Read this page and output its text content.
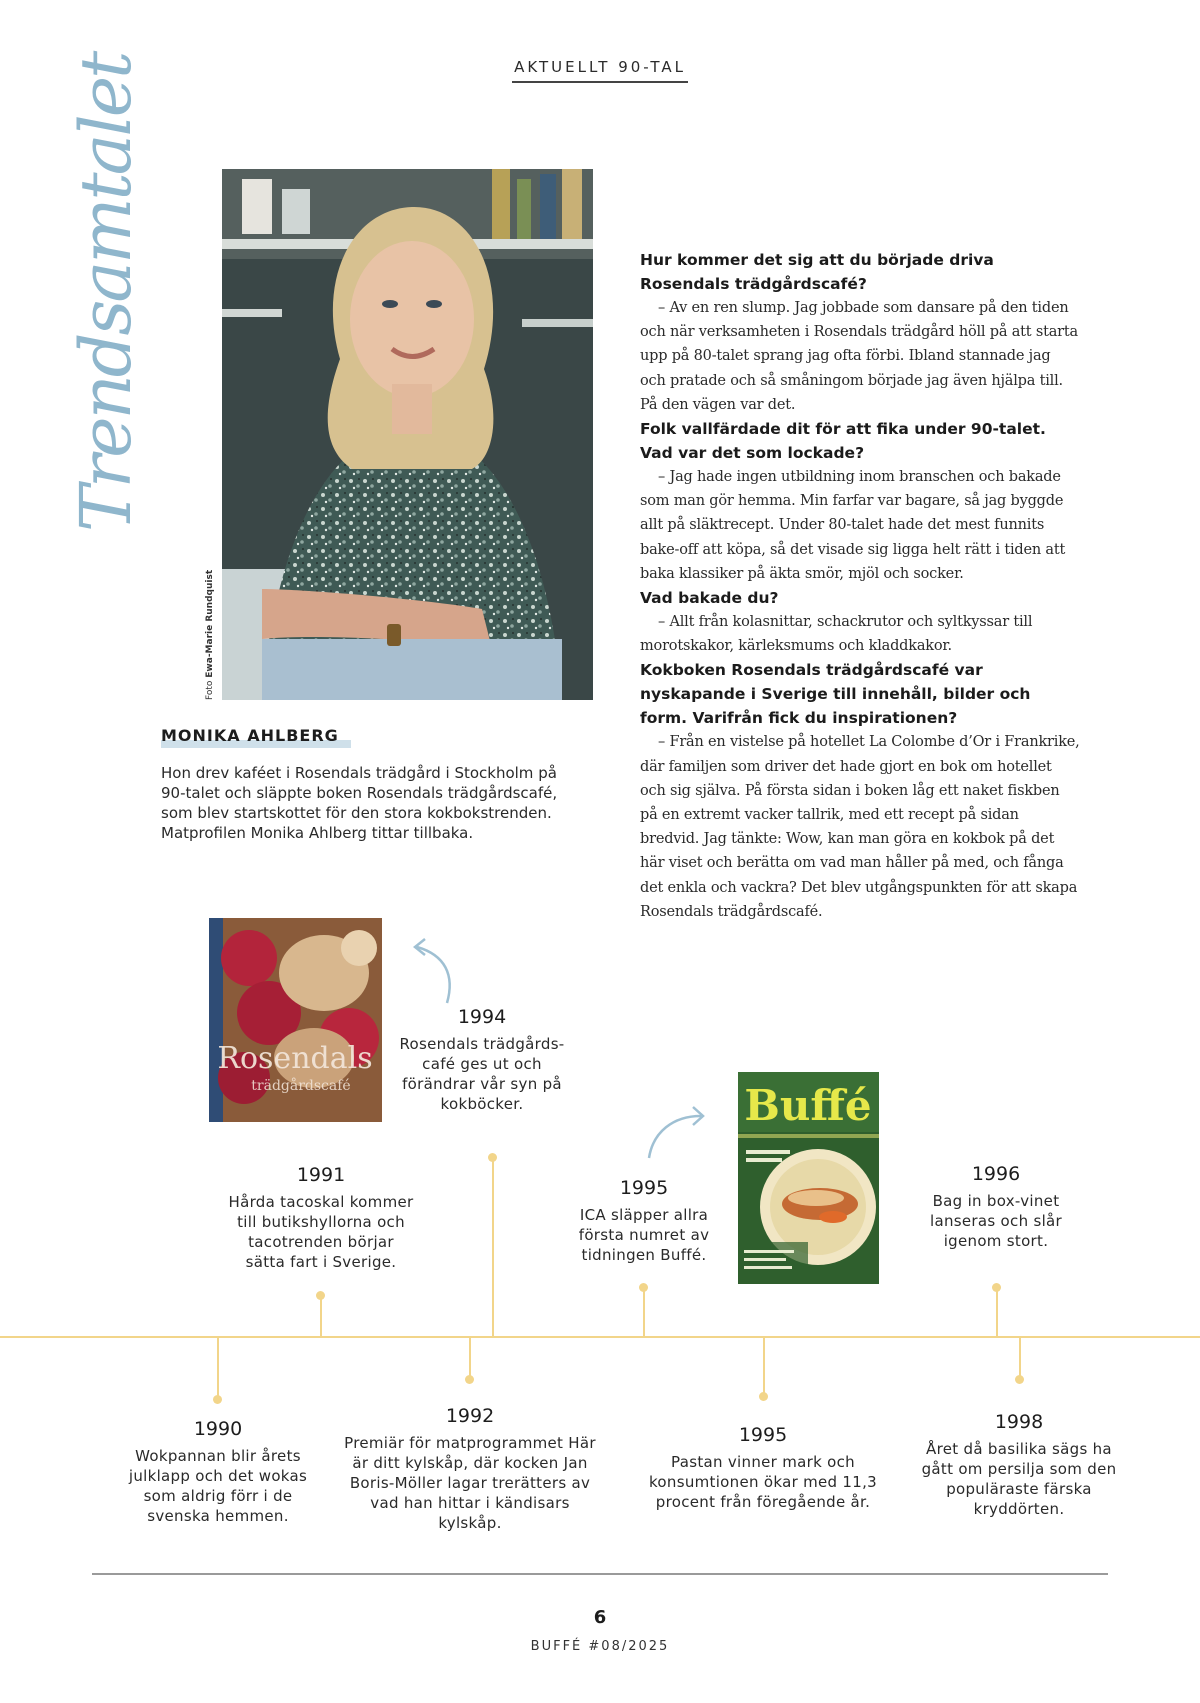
AKTUELLT 90-TAL
Trendsamtalet
Foto Ewa-Marie Rundquist
MONIKA AHLBERG
Hon drev kaféet i Rosendals trädgård i Stockholm på 90-talet och släppte boken Rosendals trädgårdscafé, som blev startskottet för den stora kokbokstrenden. Matprofilen Monika Ahlberg tittar tillbaka.

Hur kommer det sig att du började driva Rosendals trädgårdscafé?

– Av en ren slump. Jag jobbade som dansare på den tiden och när verksamheten i Rosendals trädgård höll på att starta upp på 80-talet sprang jag ofta förbi. Ibland stannade jag och pratade och så småningom började jag även hjälpa till. På den vägen var det.

Folk vallfärdade dit för att fika under 90-talet. Vad var det som lockade?

– Jag hade ingen utbildning inom branschen och bakade som man gör hemma. Min farfar var bagare, så jag byggde allt på släktrecept. Under 80-talet hade det mest funnits bake-off att köpa, så det visade sig ligga helt rätt i tiden att baka klassiker på äkta smör, mjöl och socker.

Vad bakade du?

– Allt från kolasnittar, schackrutor och syltkyssar till morotskakor, kärleksmums och kladdkakor.

Kokboken Rosendals trädgårdscafé var nyskapande i Sverige till innehåll, bilder och form. Varifrån fick du inspirationen?

– Från en vistelse på hotellet La Colombe d’Or i Frankrike, där familjen som driver det hade gjort en bok om hotellet och sig själva. På första sidan i boken låg ett naket fiskben på en extremt vacker tallrik, med ett recept på sidan bredvid. Jag tänkte: Wow, kan man göra en kokbok på det här viset och berätta om vad man håller på med, och fånga det enkla och vackra? Det blev utgångspunkten för att skapa Rosendals trädgårdscafé.

Rosendals
trädgårdscafé	Buffé
1994
Rosendals trädgårds-café ges ut och förändrar vår syn på kokböcker.
1991
Hårda tacoskal kommer till butikshyllorna och tacotrenden börjar sätta fart i Sverige.
1995
ICA släpper allra första numret av tidningen Buffé.
1996
Bag in box-vinet lanseras och slår igenom stort.
1990
Wokpannan blir årets julklapp och det wokas som aldrig förr i de svenska hemmen.
1992
Premiär för matprogrammet Här är ditt kylskåp, där kocken Jan Boris-Möller lagar trerätters av vad han hittar i kändisars kylskåp.
1995
Pastan vinner mark och konsumtionen ökar med 11,3 procent från föregående år.
1998
Året då basilika sägs ha gått om persilja som den populäraste färska kryddörten.
6
BUFFÉ #08/2025
